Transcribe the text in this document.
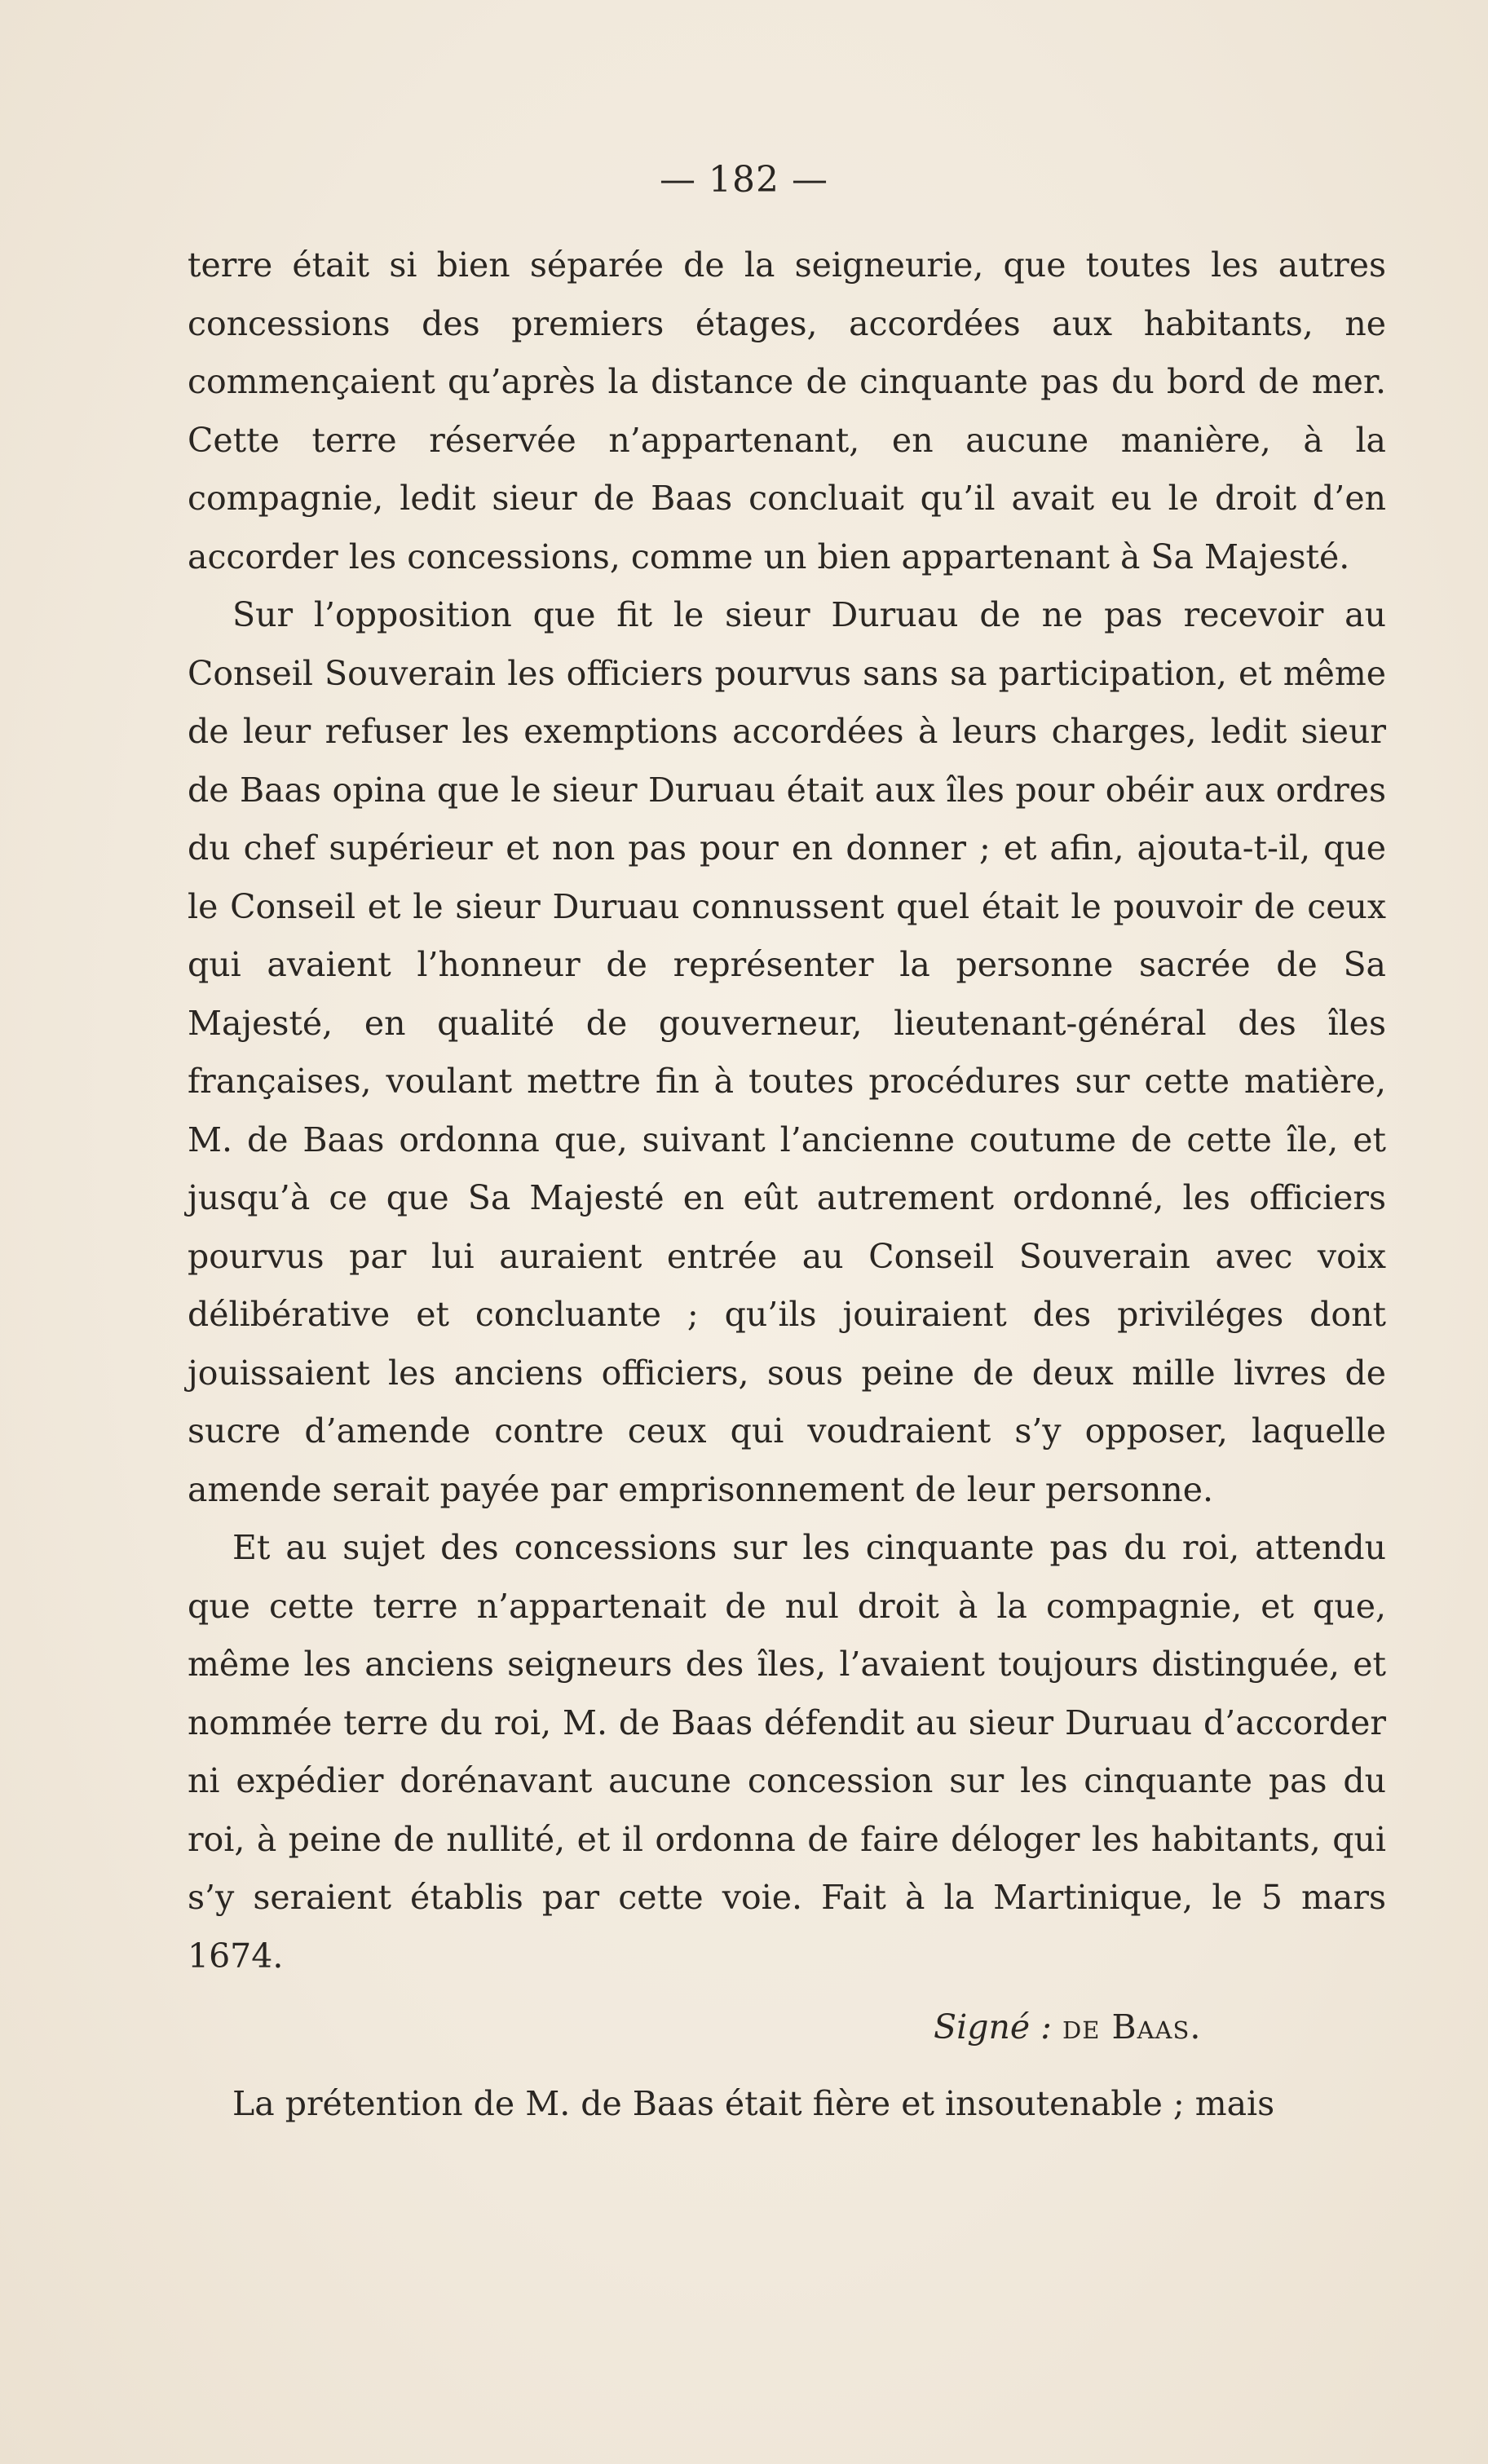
— 182 —

terre était si bien séparée de la seigneurie, que toutes les autres concessions des premiers étages, accordées aux habitants, ne commençaient qu’après la distance de cinquante pas du bord de mer. Cette terre réservée n’appartenant, en aucune manière, à la compagnie, ledit sieur de Baas concluait qu’il avait eu le droit d’en accorder les concessions, comme un bien appartenant à Sa Majesté.

Sur l’opposition que fit le sieur Duruau de ne pas recevoir au Conseil Souverain les officiers pourvus sans sa participation, et même de leur refuser les exemptions accordées à leurs charges, ledit sieur de Baas opina que le sieur Duruau était aux îles pour obéir aux ordres du chef supérieur et non pas pour en donner ; et afin, ajouta-t-il, que le Conseil et le sieur Duruau connussent quel était le pouvoir de ceux qui avaient l’honneur de représenter la personne sacrée de Sa Majesté, en qualité de gouverneur, lieutenant-général des îles françaises, voulant mettre fin à toutes procédures sur cette matière, M. de Baas ordonna que, suivant l’ancienne coutume de cette île, et jusqu’à ce que Sa Majesté en eût autrement ordonné, les officiers pourvus par lui auraient entrée au Conseil Souverain avec voix délibérative et concluante ; qu’ils jouiraient des priviléges dont jouissaient les anciens officiers, sous peine de deux mille livres de sucre d’amende contre ceux qui voudraient s’y opposer, laquelle amende serait payée par emprisonnement de leur personne.

Et au sujet des concessions sur les cinquante pas du roi, attendu que cette terre n’appartenait de nul droit à la compagnie, et que, même les anciens seigneurs des îles, l’avaient toujours distinguée, et nommée terre du roi, M. de Baas défendit au sieur Duruau d’accorder ni expédier dorénavant aucune concession sur les cinquante pas du roi, à peine de nullité, et il ordonna de faire déloger les habitants, qui s’y seraient établis par cette voie. Fait à la Martinique, le 5 mars 1674.

Signé : de Baas.

La prétention de M. de Baas était fière et insoutenable ; mais
